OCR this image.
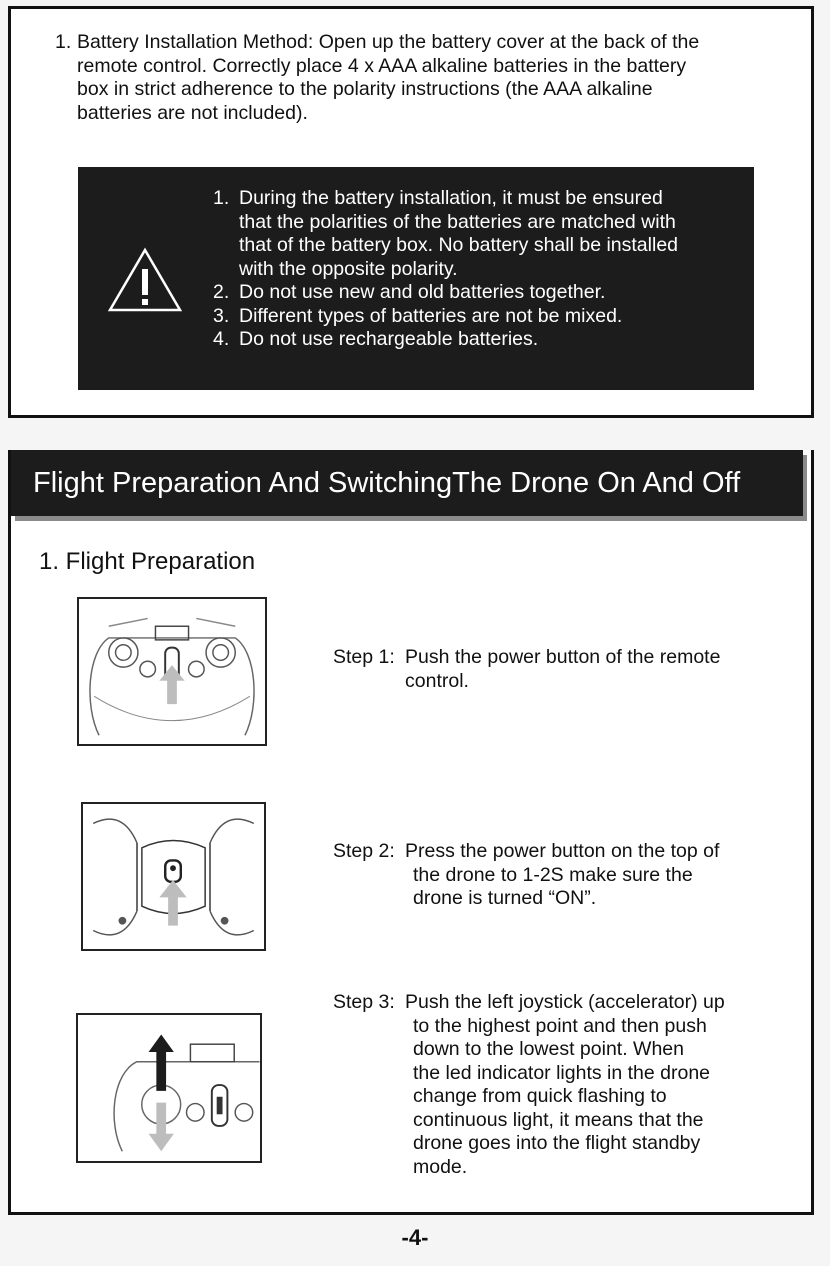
1. Battery Installation Method: Open up the battery cover at the back of the
remote control. Correctly place 4 x AAA alkaline batteries in the battery
box in strict adherence to the polarity instructions (the AAA alkaline
batteries are not included).
1. During the battery installation, it must be ensured
that the polarities of the batteries are matched with
that of the battery box. No battery shall be installed
with the opposite polarity.
2. Do not use new and old batteries together.
3. Different types of batteries are not be mixed.
4. Do not use rechargeable batteries.
Flight Preparation And SwitchingThe Drone On And Off
1. Flight Preparation
Step 1: Push the power button of the remote
control.
Step 2: Press the power button on the top of
the drone to 1-2S make sure the
drone is turned “ON”.
Step 3: Push the left joystick (accelerator) up
to the highest point and then push
down to the lowest point. When
the led indicator lights in the drone
change from quick flashing to
continuous light, it means that the
drone goes into the flight standby
mode.
-4-
